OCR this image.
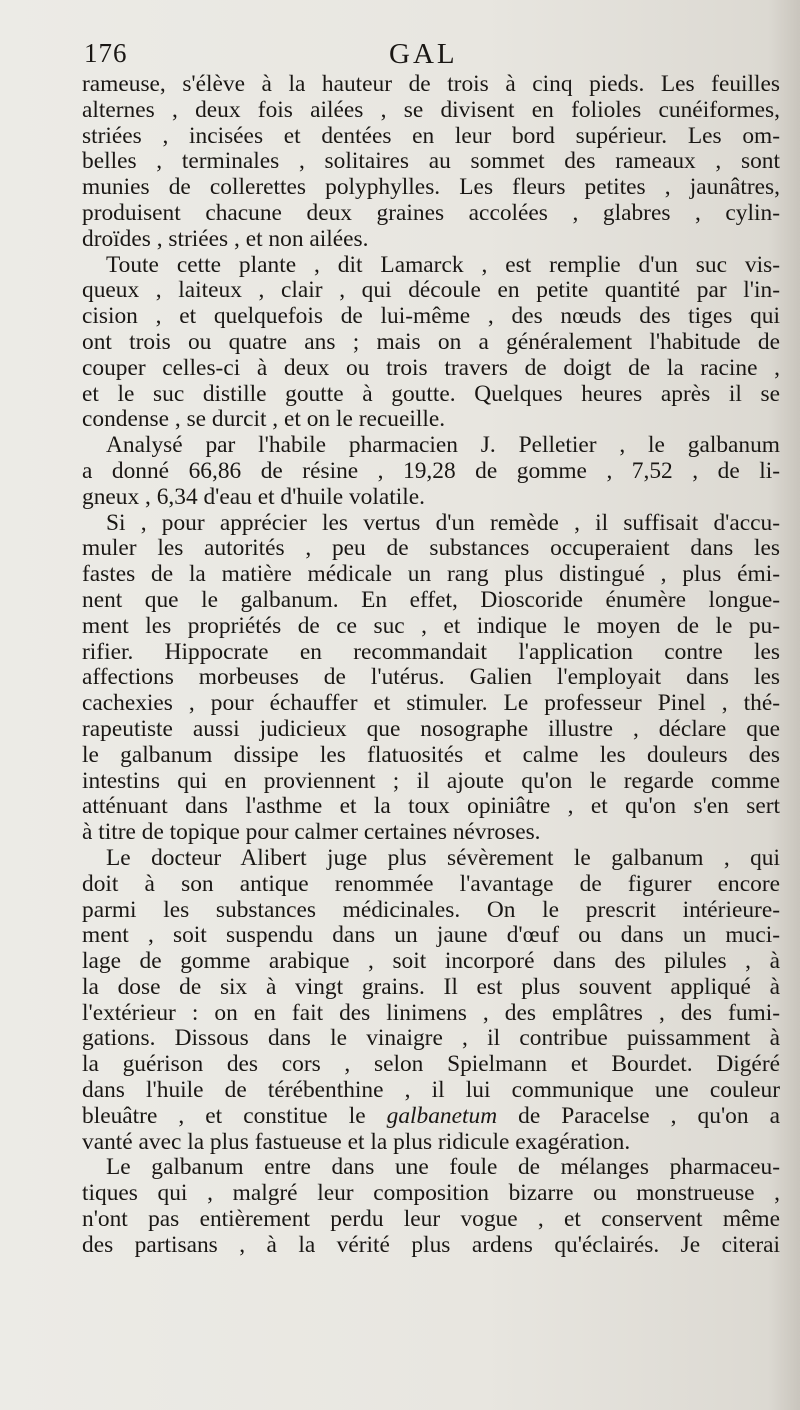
176	GAL

rameuse, s'élève à la hauteur de trois à cinq pieds. Les feuilles
alternes , deux fois ailées , se divisent en folioles cunéiformes,
striées , incisées et dentées en leur bord supérieur. Les om-
belles , terminales , solitaires au sommet des rameaux , sont
munies de collerettes polyphylles. Les fleurs petites , jaunâtres,
produisent chacune deux graines accolées , glabres , cylin-
droïdes , striées , et non ailées.

Toute cette plante , dit Lamarck , est remplie d'un suc vis-
queux , laiteux , clair , qui découle en petite quantité par l'in-
cision , et quelquefois de lui-même , des nœuds des tiges qui
ont trois ou quatre ans ; mais on a généralement l'habitude de
couper celles-ci à deux ou trois travers de doigt de la racine ,
et le suc distille goutte à goutte. Quelques heures après il se
condense , se durcit , et on le recueille.

Analysé par l'habile pharmacien J. Pelletier , le galbanum
a donné 66,86 de résine , 19,28 de gomme , 7,52 , de li-
gneux , 6,34 d'eau et d'huile volatile.

Si , pour apprécier les vertus d'un remède , il suffisait d'accu-
muler les autorités , peu de substances occuperaient dans les
fastes de la matière médicale un rang plus distingué , plus émi-
nent que le galbanum. En effet, Dioscoride énumère longue-
ment les propriétés de ce suc , et indique le moyen de le pu-
rifier. Hippocrate en recommandait l'application contre les
affections morbeuses de l'utérus. Galien l'employait dans les
cachexies , pour échauffer et stimuler. Le professeur Pinel , thé-
rapeutiste aussi judicieux que nosographe illustre , déclare que
le galbanum dissipe les flatuosités et calme les douleurs des
intestins qui en proviennent ; il ajoute qu'on le regarde comme
atténuant dans l'asthme et la toux opiniâtre , et qu'on s'en sert
à titre de topique pour calmer certaines névroses.

Le docteur Alibert juge plus sévèrement le galbanum , qui
doit à son antique renommée l'avantage de figurer encore
parmi les substances médicinales. On le prescrit intérieure-
ment , soit suspendu dans un jaune d'œuf ou dans un muci-
lage de gomme arabique , soit incorporé dans des pilules , à
la dose de six à vingt grains. Il est plus souvent appliqué à
l'extérieur : on en fait des linimens , des emplâtres , des fumi-
gations. Dissous dans le vinaigre , il contribue puissamment à
la guérison des cors , selon Spielmann et Bourdet. Digéré
dans l'huile de térébenthine , il lui communique une couleur
bleuâtre , et constitue le galbanetum de Paracelse , qu'on a
vanté avec la plus fastueuse et la plus ridicule exagération.

Le galbanum entre dans une foule de mélanges pharmaceu-
tiques qui , malgré leur composition bizarre ou monstrueuse ,
n'ont pas entièrement perdu leur vogue , et conservent même
des partisans , à la vérité plus ardens qu'éclairés. Je citerai
